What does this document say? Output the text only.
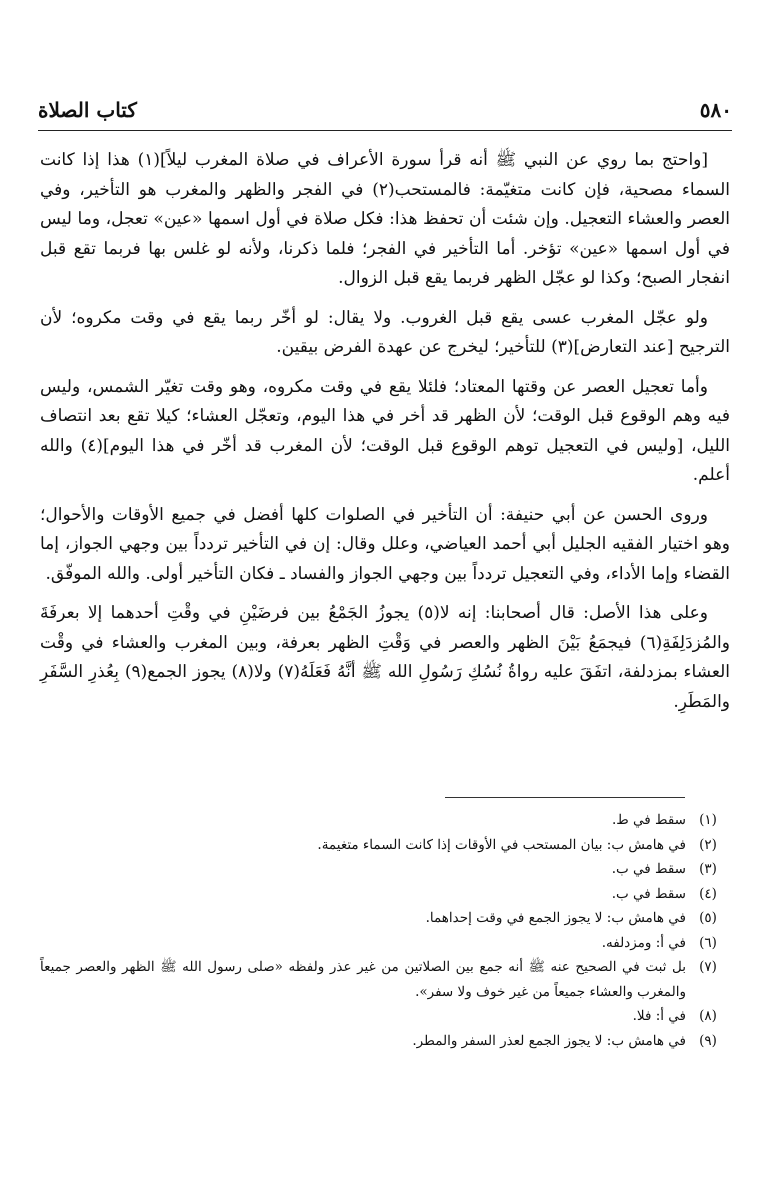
٥٨٠
كتاب الصلاة

[واحتج بما روي عن النبي ﷺ أنه قرأ سورة الأعراف في صلاة المغرب ليلاً](١) هذا إذا كانت السماء مصحية، فإن كانت متغيّمة: فالمستحب(٢) في الفجر والظهر والمغرب هو التأخير، وفي العصر والعشاء التعجيل. وإن شئت أن تحفظ هذا: فكل صلاة في أول اسمها «عين» تعجل، وما ليس في أول اسمها «عين» تؤخر. أما التأخير في الفجر؛ فلما ذكرنا، ولأنه لو غلس بها فربما تقع قبل انفجار الصبح؛ وكذا لو عجّل الظهر فربما يقع قبل الزوال.

ولو عجّل المغرب عسى يقع قبل الغروب. ولا يقال: لو أخّر ربما يقع في وقت مكروه؛ لأن الترجيح [عند التعارض](٣) للتأخير؛ ليخرج عن عهدة الفرض بيقين.

وأما تعجيل العصر عن وقتها المعتاد؛ فلئلا يقع في وقت مكروه، وهو وقت تغيّر الشمس، وليس فيه وهم الوقوع قبل الوقت؛ لأن الظهر قد أخر في هذا اليوم، وتعجّل العشاء؛ كيلا تقع بعد انتصاف الليل، [وليس في التعجيل توهم الوقوع قبل الوقت؛ لأن المغرب قد أخّر في هذا اليوم](٤) والله أعلم.

وروى الحسن عن أبي حنيفة: أن التأخير في الصلوات كلها أفضل في جميع الأوقات والأحوال؛ وهو اختيار الفقيه الجليل أبي أحمد العياضي، وعلل وقال: إن في التأخير تردداً بين وجهي الجواز، إما القضاء وإما الأداء، وفي التعجيل تردداً بين وجهي الجواز والفساد ـ فكان التأخير أولى. والله الموفّق.

وعلى هذا الأصل: قال أصحابنا: إنه لا(٥) يجوزُ الجَمْعُ بين فرضَيْنِ في وقْتِ أحدهما إلا بعرفَةَ والمُزدَلِفَةِ(٦) فيجمَعُ بَيْنَ الظهر والعصر في وَقْتِ الظهر بعرفة، وبين المغرب والعشاء في وقْت العشاء بمزدلفة، اتفَقَ عليه رواةُ نُسُكِ رَسُولِ الله ﷺ أنَّهُ فَعَلَهُ(٧) ولا(٨) يجوز الجمع(٩) بِعُذرِ السَّفَرِ والمَطَرِ.

(١)
سقط في ط.
(٢)
في هامش ب: بيان المستحب في الأوقات إذا كانت السماء متغيمة.
(٣)
سقط في ب.
(٤)
سقط في ب.
(٥)
في هامش ب: لا يجوز الجمع في وقت إحداهما.
(٦)
في أ: ومزدلفه.
(٧)
بل ثبت في الصحيح عنه ﷺ أنه جمع بين الصلاتين من غير عذر ولفظه «صلى رسول الله ﷺ الظهر والعصر جميعاً والمغرب والعشاء جميعاً من غير خوف ولا سفر».
(٨)
في أ: فلا.
(٩)
في هامش ب: لا يجوز الجمع لعذر السفر والمطر.
